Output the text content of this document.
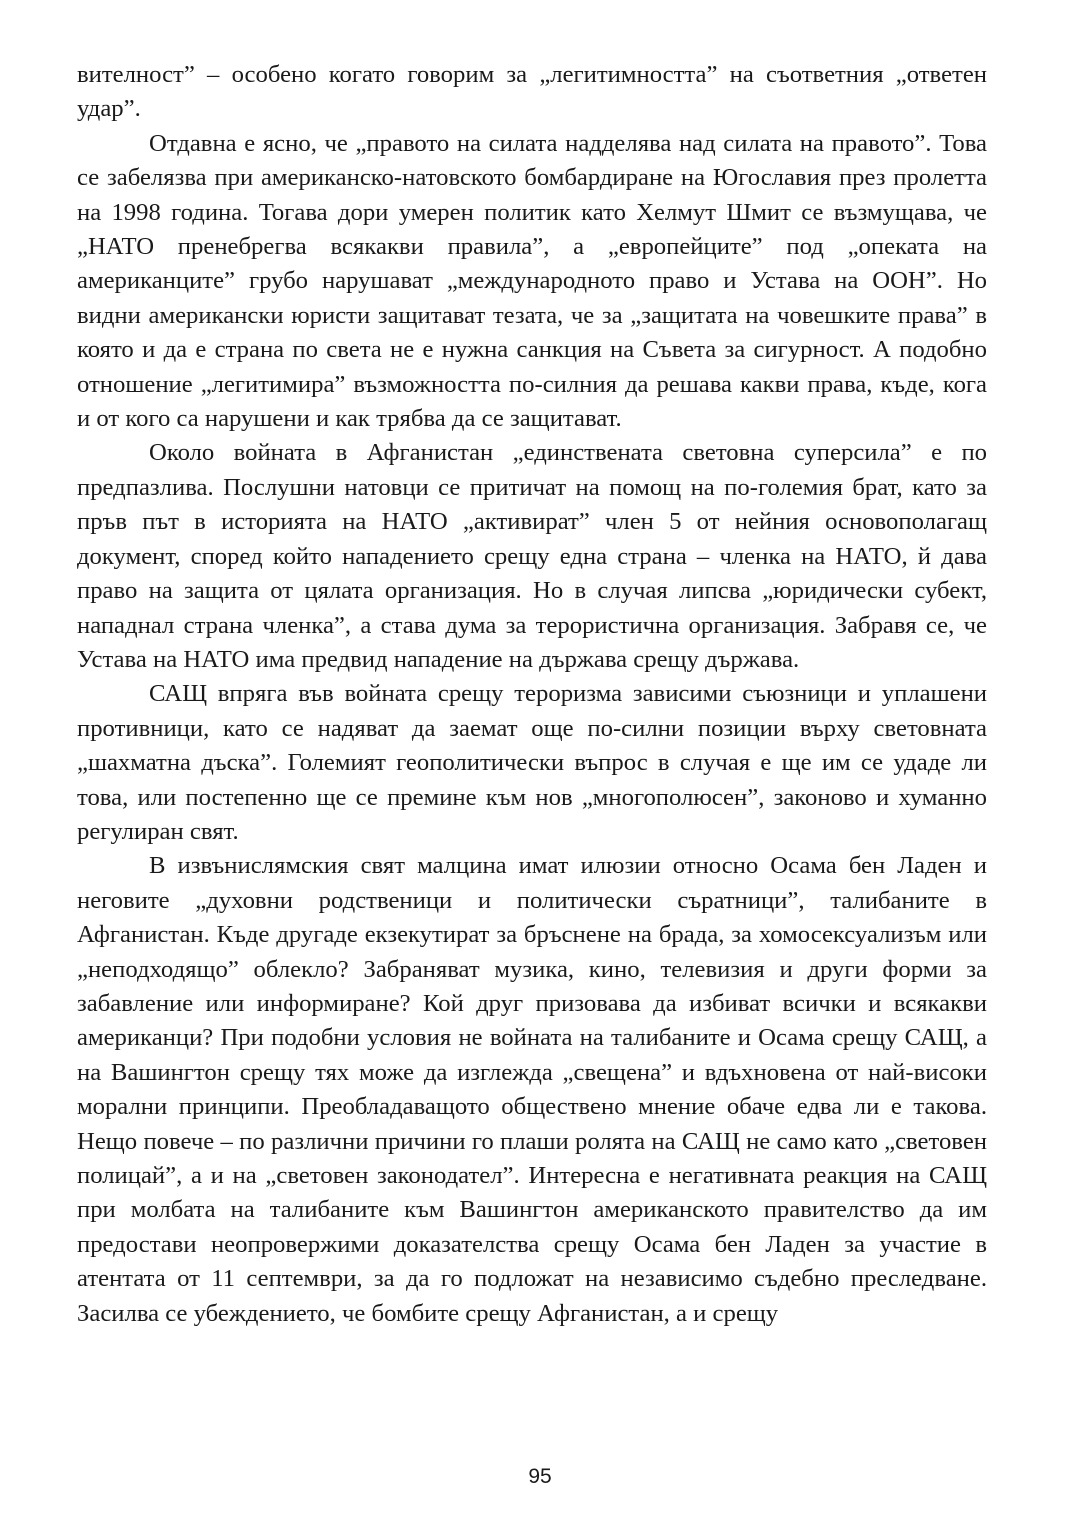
вителност” – особено когато говорим за „легитимността” на съответния „ответен удар”.

Отдавна е ясно, че „правото на силата надделява над силата на правото”. Това се забелязва при американско-натовското бомбардиране на Югославия през пролетта на 1998 година. Тогава дори умерен политик като Хелмут Шмит се възмущава, че „НАТО пренебрегва всякакви правила”, а „европейците” под „опеката на американците” грубо нарушават „международното право и Устава на ООН”. Но видни американски юристи защитават тезата, че за „защитата на човешките права” в която и да е страна по света не е нужна санкция на Съвета за сигурност. А подобно отношение „легитимира” възможността по-силния да решава какви права, къде, кога и от кого са нарушени и как трябва да се защитават.

Около войната в Афганистан „единствената световна суперсила” е по предпазлива. Послушни натовци се притичат на помощ на по-големия брат, като за пръв път в историята на НАТО „активират” член 5 от нейния основополагащ документ, според който нападението срещу една страна – членка на НАТО, й дава право на защита от цялата организация. Но в случая липсва „юридически субект, нападнал страна членка”, а става дума за терористична организация. Забравя се, че Устава на НАТО има предвид нападение на държава срещу държава.

САЩ впряга във войната срещу тероризма зависими съюзници и уплашени противници, като се надяват да заемат още по-силни позиции върху световната „шахматна дъска”. Големият геополитически въпрос в случая е ще им се удаде ли това, или постепенно ще се премине към нов „многополюсен”, законово и хуманно регулиран свят.

В извънислямския свят малцина имат илюзии относно Осама бен Ладен и неговите „духовни родственици и политически съратници”, талибаните в Афганистан. Къде другаде екзекутират за бръснене на брада, за хомосексуализъм или „неподходящо” облекло? Забраняват музика, кино, телевизия и други форми за забавление или информиране? Кой друг призовава да избиват всички и всякакви американци? При подобни условия не войната на талибаните и Осама срещу САЩ, а на Вашингтон срещу тях може да изглежда „свещена” и вдъхновена от най-високи морални принципи. Преобладаващото обществено мнение обаче едва ли е такова. Нещо повече – по различни причини го плаши ролята на САЩ не само като „световен полицай”, а и на „световен законодател”. Интересна е негативната реакция на САЩ при молбата на талибаните към Вашингтон американското правителство да им предостави неопровержими доказателства срещу Осама бен Ладен за участие в атентата от 11 септември, за да го подложат на независимо съдебно преследване. Засилва се убеждението, че бомбите срещу Афганистан, а и срещу

95
